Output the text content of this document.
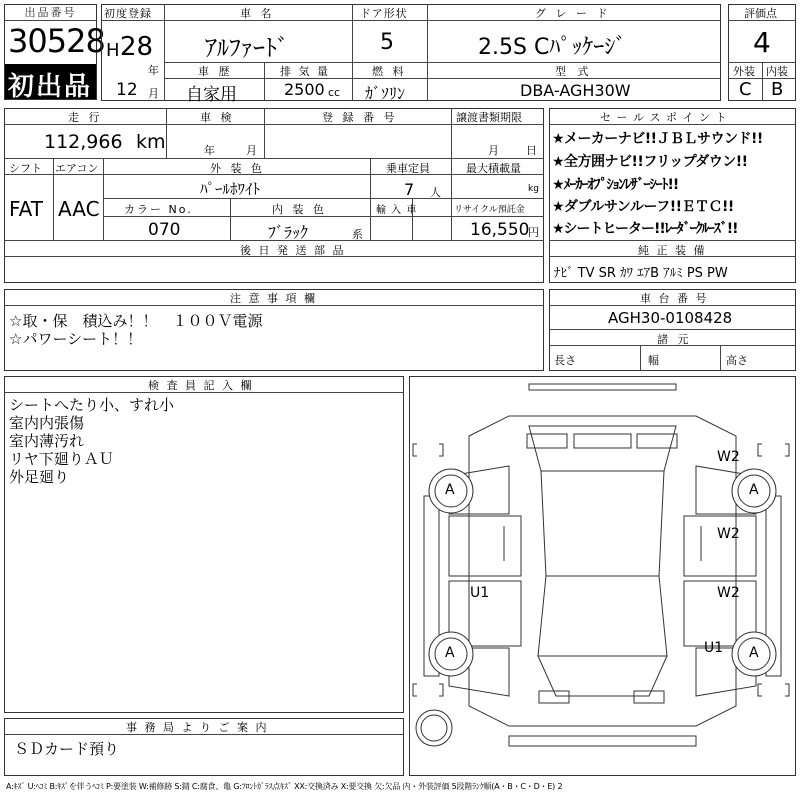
出品番号
30528
初出品
初度登録
H 28
年
12 月
車 名
ｱﾙﾌｧｰﾄﾞ
ドア形状
5
グ レ ー ド
2.5S Cﾊﾟｯｹｰｼﾞ
車 歴
自家用
排 気 量
2500 cc
燃 料
ｶﾞｿﾘﾝ
型 式
DBA-AGH30W
評価点
4
外装 内装
C B
走 行
112,966 km
車 検
年	月
登 録 番 号	譲渡書類期限
月 日
シフト
FAT
エアコン
AAC
外 装 色
ﾊﾟｰﾙﾎﾜｲﾄ
乗車定員
7 人
最大積載量
kg
カラー No.
070
内 装 色
ﾌﾞﾗｯｸ	系
輸 入 車	リサイクル預託金
16,550
円
後 日 発 送 部 品
セ ー ル ス ポ イ ン ト
★メーカーナビ!!ＪＢＬサウンド!!
★全方囲ナビ!!フリップダウン!!
★ﾒｰｶｰｵﾌﾟｼｮﾝﾚｻﾞｰｼｰﾄ!!
★ダブルサンルーフ!!ＥＴＣ!!
★シートヒーター!!ﾚｰﾀﾞｰｸﾙｰｽﾞ!!
純 正 装 備
ﾅﾋﾞ TV SR ｶﾜ ｴｱB ｱﾙﾐ PS PW
注 意 事 項 欄
☆取・保　積込み！！　１００Ｖ電源
☆パワーシート！！
車 台 番 号
AGH30-0108428
諸 元
長さ	幅	高さ
検 査 員 記 入 欄
シートへたり小、すれ小
室内内張傷
室内薄汚れ
リヤ下廻りＡＵ
外足廻り
事 務 局 よ り ご 案 内
ＳＤカード預り
A	A
A	A
W2
W2
W2
U1
U1
A:ｷｽﾞ U:ﾍｺﾐ B:ｷｽﾞを伴うﾍｺﾐ P:要塗装 W:補修跡 S:錆 C:腐食、亀 G:ﾌﾛﾝﾄｶﾞﾗｽ点ｷｽﾞ XX:交換済み X:要交換 欠:欠品 内・外装評価 5段階ﾗﾝｸ順(A・B・C・D・E) 2
